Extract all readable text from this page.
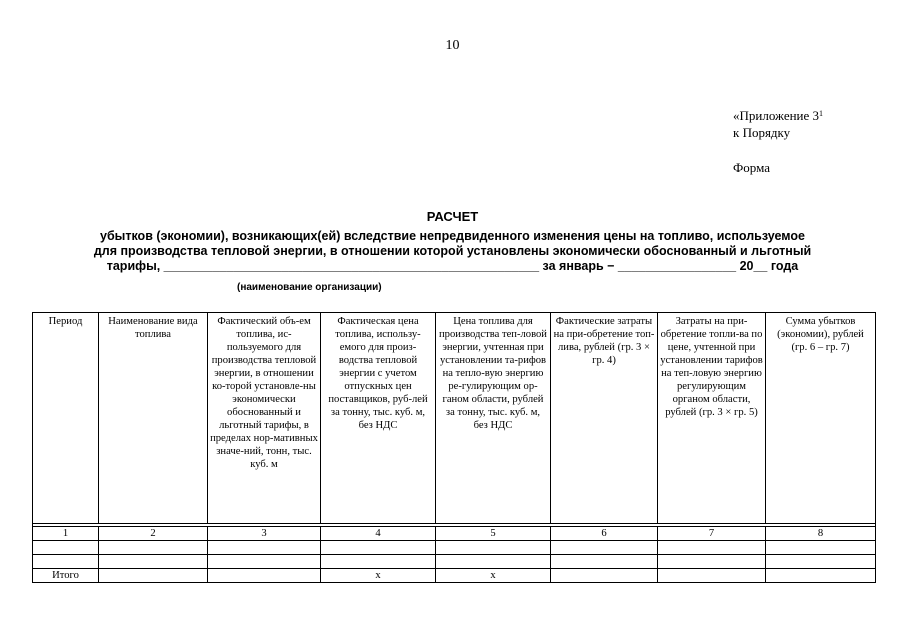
10
«Приложение $3^1$
к Порядку
Форма
РАСЧЕТ
убытков (экономии), возникающих(ей) вследствие непредвиденного изменения цены на топливо, используемое
для производства тепловой энергии, в отношении которой установлены экономически обоснованный и льготный
тарифы, ______________________________________________________ за январь − _________________ 20__ года
(наименование организации)
Период	Наименование вида топлива	Фактический объ-ем топлива, ис-пользуемого для производства тепловой энергии, в отношении ко-торой установле-ны экономически обоснованный и льготный тарифы, в пределах нор-мативных значе-ний, тонн, тыс. куб. м	Фактическая цена топлива, использу-емого для произ-водства тепловой энергии с учетом отпускных цен поставщиков, руб-лей за тонну, тыс. куб. м, без НДС	Цена топлива для производства теп-ловой энергии, учтенная при установлении та-рифов на тепло-вую энергию ре-гулирующим ор-ганом области, рублей за тонну, тыс. куб. м, без НДС	Фактические затраты на при-обретение топ-лива, рублей (гр. 3 × гр. 4)	Затраты на при-обретение топли-ва по цене, учтенной при установлении тарифов на теп-ловую энергию регулирующим органом области, рублей (гр. 3 × гр. 5)	Сумма убытков (экономии), рублей (гр. 6 – гр. 7)

1	2	3	4	5	6	7	8

Итого			x	x			
